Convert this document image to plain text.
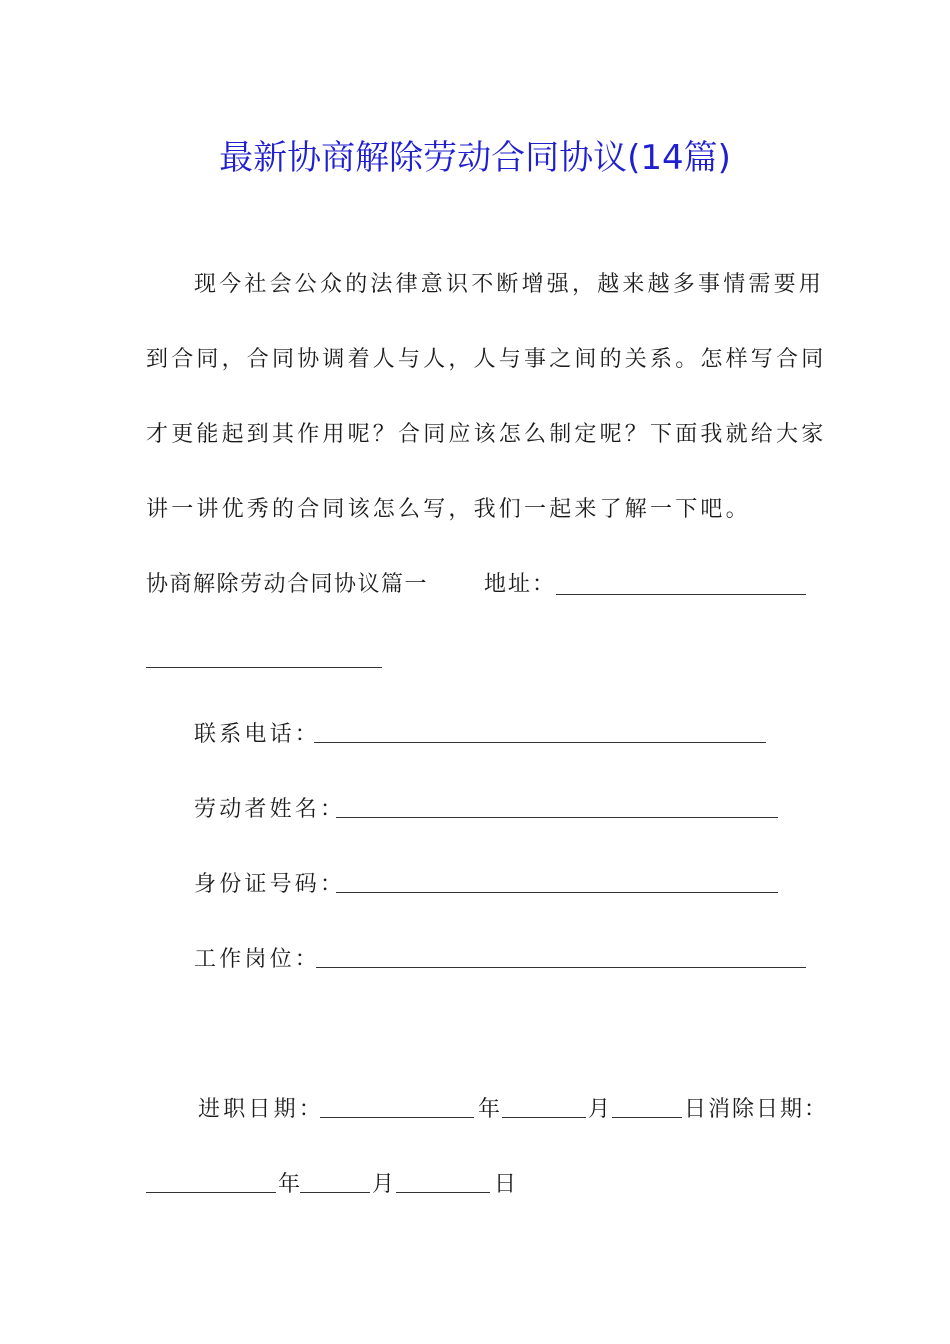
最新协商解除劳动合同协议(14篇)
现今社会公众的法律意识不断增强，越来越多事情需要用
到合同，合同协调着人与人，人与事之间的关系。怎样写合同
才更能起到其作用呢？合同应该怎么制定呢？下面我就给大家
讲一讲优秀的合同该怎么写，我们一起来了解一下吧。
协商解除劳动合同协议篇一	地址：
联系电话：
劳动者姓名：
身份证号码：
工作岗位：
进职日期：	年	月	日消除日期：
年	月	日
